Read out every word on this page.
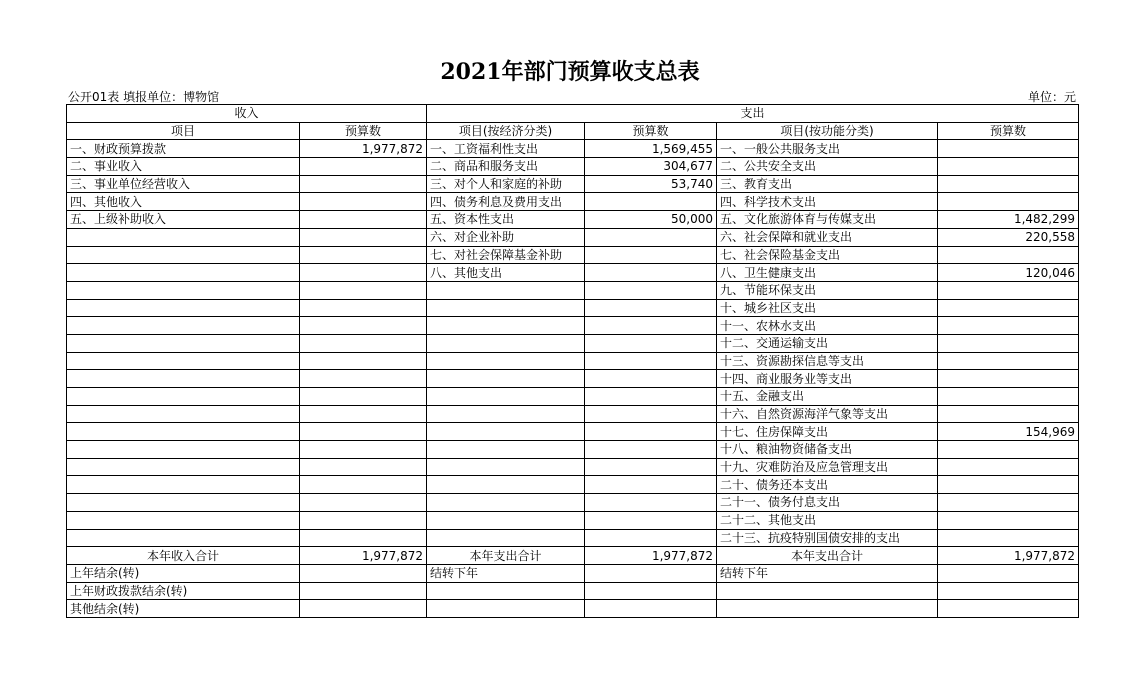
2021年部门预算收支总表
公开01表 填报单位：博物馆	单位：元
收入		支出			
项目	预算数	项目(按经济分类)	预算数	项目(按功能分类)	预算数
一、财政预算拨款	1,977,872	一、工资福利性支出	1,569,455	一、一般公共服务支出	
二、事业收入		二、商品和服务支出	304,677	二、公共安全支出	
三、事业单位经营收入		三、对个人和家庭的补助	53,740	三、教育支出	
四、其他收入		四、债务利息及费用支出		四、科学技术支出	
五、上级补助收入		五、资本性支出	50,000	五、文化旅游体育与传媒支出	1,482,299
		六、对企业补助		六、社会保障和就业支出	220,558
		七、对社会保障基金补助		七、社会保险基金支出	
		八、其他支出		八、卫生健康支出	120,046
				九、节能环保支出	
				十、城乡社区支出	
				十一、农林水支出	
				十二、交通运输支出	
				十三、资源勘探信息等支出	
				十四、商业服务业等支出	
				十五、金融支出	
				十六、自然资源海洋气象等支出	
				十七、住房保障支出	154,969
				十八、粮油物资储备支出	
				十九、灾难防治及应急管理支出	
				二十、债务还本支出	
				二十一、债务付息支出	
				二十二、其他支出	
				二十三、抗疫特别国债安排的支出	
本年收入合计	1,977,872	本年支出合计	1,977,872	本年支出合计	1,977,872
上年结余(转)		结转下年		结转下年	
上年财政拨款结余(转)					
其他结余(转)					
